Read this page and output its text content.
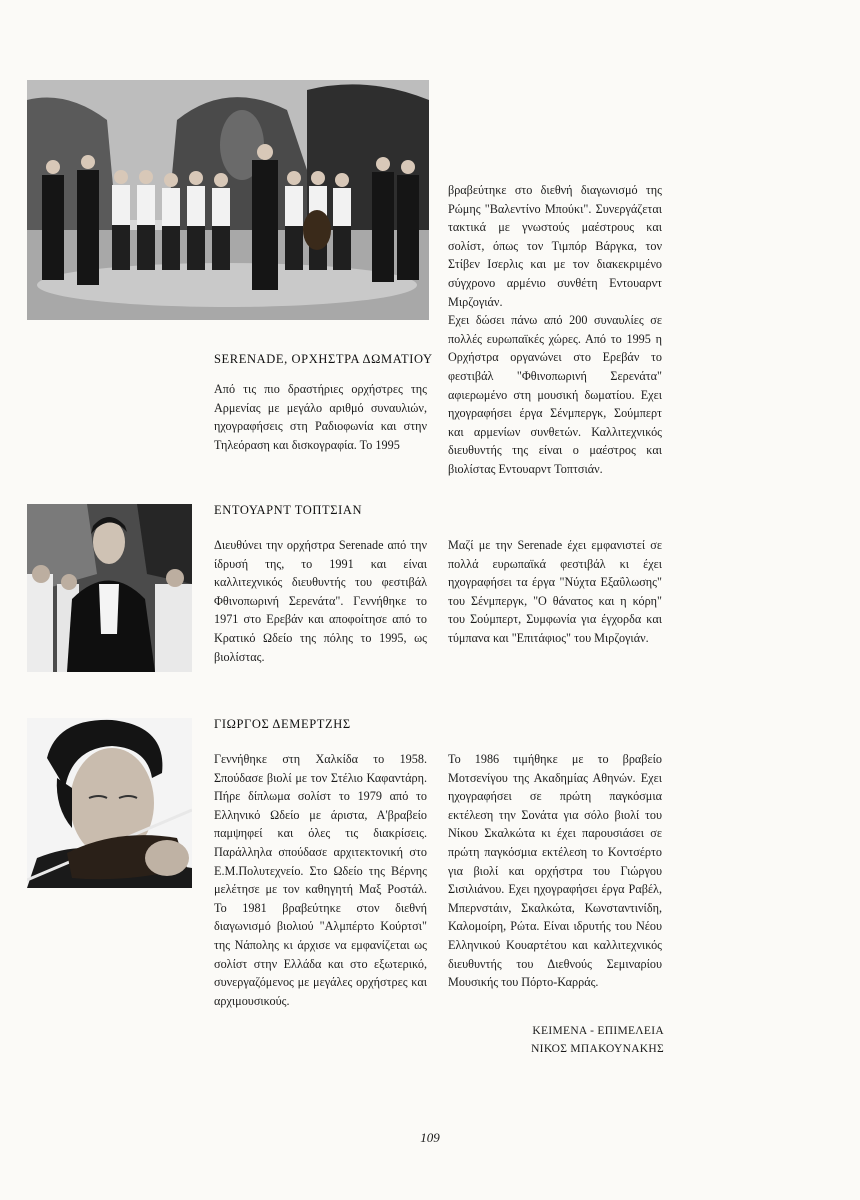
SERENADE, ΟΡΧΗΣΤΡΑ ΔΩΜΑΤΙΟΥ

Από τις πιο δραστήριες ορχήστρες της Αρμενίας με μεγάλο αριθμό συναυλιών, ηχογραφήσεις στη Ραδιοφωνία και στην Τηλεόραση και δισκογραφία. Το 1995

βραβεύτηκε στο διεθνή διαγωνισμό της Ρώμης "Βαλεντίνο Μπούκι". Συνεργάζεται τακτικά με γνωστούς μαέστρους και σολίστ, όπως τον Τιμπόρ Βάργκα, τον Στίβεν Ισερλις και με τον διακεκριμένο σύγχρονο αρμένιο συνθέτη Εντουαρντ Μιρζογιάν.

Εχει δώσει πάνω από 200 συναυλίες σε πολλές ευρωπαϊκές χώρες. Από το 1995 η Ορχήστρα οργανώνει στο Ερεβάν το φεστιβάλ "Φθινοπωρινή Σερενάτα" αφιερωμένο στη μουσική δωματίου. Εχει ηχογραφήσει έργα Σένμπεργκ, Σούμπερτ και αρμενίων συνθετών. Καλλιτεχνικός διευθυντής της είναι ο μαέστρος και βιολίστας Εντουαρντ Τοπτσιάν.

ΕΝΤΟΥΑΡΝΤ ΤΟΠΤΣΙΑΝ

Διευθύνει την ορχήστρα Serenade από την ίδρυσή της, το 1991 και είναι καλλιτεχνικός διευθυντής του φεστιβάλ Φθινοπωρινή Σερενάτα". Γεννήθηκε το 1971 στο Ερεβάν και αποφοίτησε από το Κρατικό Ωδείο της πόλης το 1995, ως βιολίστας.

Μαζί με την Serenade έχει εμφανιστεί σε πολλά ευρωπαϊκά φεστιβάλ κι έχει ηχογραφήσει τα έργα "Νύχτα Εξαΰλωσης" του Σένμπεργκ, "Ο θάνατος και η κόρη" του Σούμπερτ, Συμφωνία για έγχορδα και τύμπανα και "Επιτάφιος" του Μιρζογιάν.

ΓΙΩΡΓΟΣ ΔΕΜΕΡΤΖΗΣ

Γεννήθηκε στη Χαλκίδα το 1958. Σπούδασε βιολί με τον Στέλιο Καφαντάρη. Πήρε δίπλωμα σολίστ το 1979 από το Ελληνικό Ωδείο με άριστα, Α'βραβείο παμψηφεί και όλες τις διακρίσεις. Παράλληλα σπούδασε αρχιτεκτονική στο Ε.Μ.Πολυτεχνείο. Στο Ωδείο της Βέρνης μελέτησε με τον καθηγητή Μαξ Ροστάλ. Το 1981 βραβεύτηκε στον διεθνή διαγωνισμό βιολιού "Αλμπέρτο Κούρτσι" της Νάπολης κι άρχισε να εμφανίζεται ως σολίστ στην Ελλάδα και στο εξωτερικό, συνεργαζόμενος με μεγάλες ορχήστρες και αρχιμουσικούς.

Το 1986 τιμήθηκε με το βραβείο Μοτσενίγου της Ακαδημίας Αθηνών. Εχει ηχογραφήσει σε πρώτη παγκόσμια εκτέλεση την Σονάτα για σόλο βιολί του Νίκου Σκαλκώτα κι έχει παρουσιάσει σε πρώτη παγκόσμια εκτέλεση το Κοντσέρτο για βιολί και ορχήστρα του Γιώργου Σισιλιάνου. Εχει ηχογραφήσει έργα Ραβέλ, Μπερνστάιν, Σκαλκώτα, Κωνσταντινίδη, Καλομοίρη, Ρώτα. Είναι ιδρυτής του Νέου Ελληνικού Κουαρτέτου και καλλιτεχνικός διευθυντής του Διεθνούς Σεμιναρίου Μουσικής του Πόρτο-Καρράς.

ΚΕΙΜΕΝΑ - ΕΠΙΜΕΛΕΙΑ
ΝΙΚΟΣ ΜΠΑΚΟΥΝΑΚΗΣ
109
